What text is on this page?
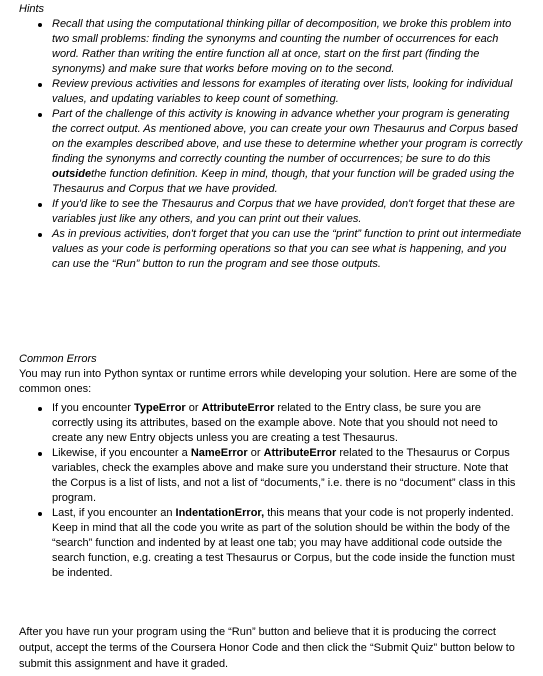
Hints

Recall that using the computational thinking pillar of decomposition, we broke this problem into two small problems: finding the synonyms and counting the number of occurrences for each word. Rather than writing the entire function all at once, start on the first part (finding the synonyms) and make sure that works before moving on to the second.
Review previous activities and lessons for examples of iterating over lists, looking for individual values, and updating variables to keep count of something.
Part of the challenge of this activity is knowing in advance whether your program is generating the correct output. As mentioned above, you can create your own Thesaurus and Corpus based on the examples described above, and use these to determine whether your program is correctly finding the synonyms and correctly counting the number of occurrences; be sure to do this outsidethe function definition. Keep in mind, though, that your function will be graded using the Thesaurus and Corpus that we have provided.
If you'd like to see the Thesaurus and Corpus that we have provided, don't forget that these are variables just like any others, and you can print out their values.
As in previous activities, don't forget that you can use the “print” function to print out intermediate values as your code is performing operations so that you can see what is happening, and you can use the “Run” button to run the program and see those outputs.

Common Errors

You may run into Python syntax or runtime errors while developing your solution. Here are some of the common ones:

If you encounter TypeError or AttributeError related to the Entry class, be sure you are correctly using its attributes, based on the example above. Note that you should not need to create any new Entry objects unless you are creating a test Thesaurus.
Likewise, if you encounter a NameError or AttributeError related to the Thesaurus or Corpus variables, check the examples above and make sure you understand their structure. Note that the Corpus is a list of lists, and not a list of “documents,” i.e. there is no “document” class in this program.
Last, if you encounter an IndentationError, this means that your code is not properly indented. Keep in mind that all the code you write as part of the solution should be within the body of the “search” function and indented by at least one tab; you may have additional code outside the search function, e.g. creating a test Thesaurus or Corpus, but the code inside the function must be indented.

After you have run your program using the “Run” button and believe that it is producing the correct output, accept the terms of the Coursera Honor Code and then click the “Submit Quiz” button below to submit this assignment and have it graded.
